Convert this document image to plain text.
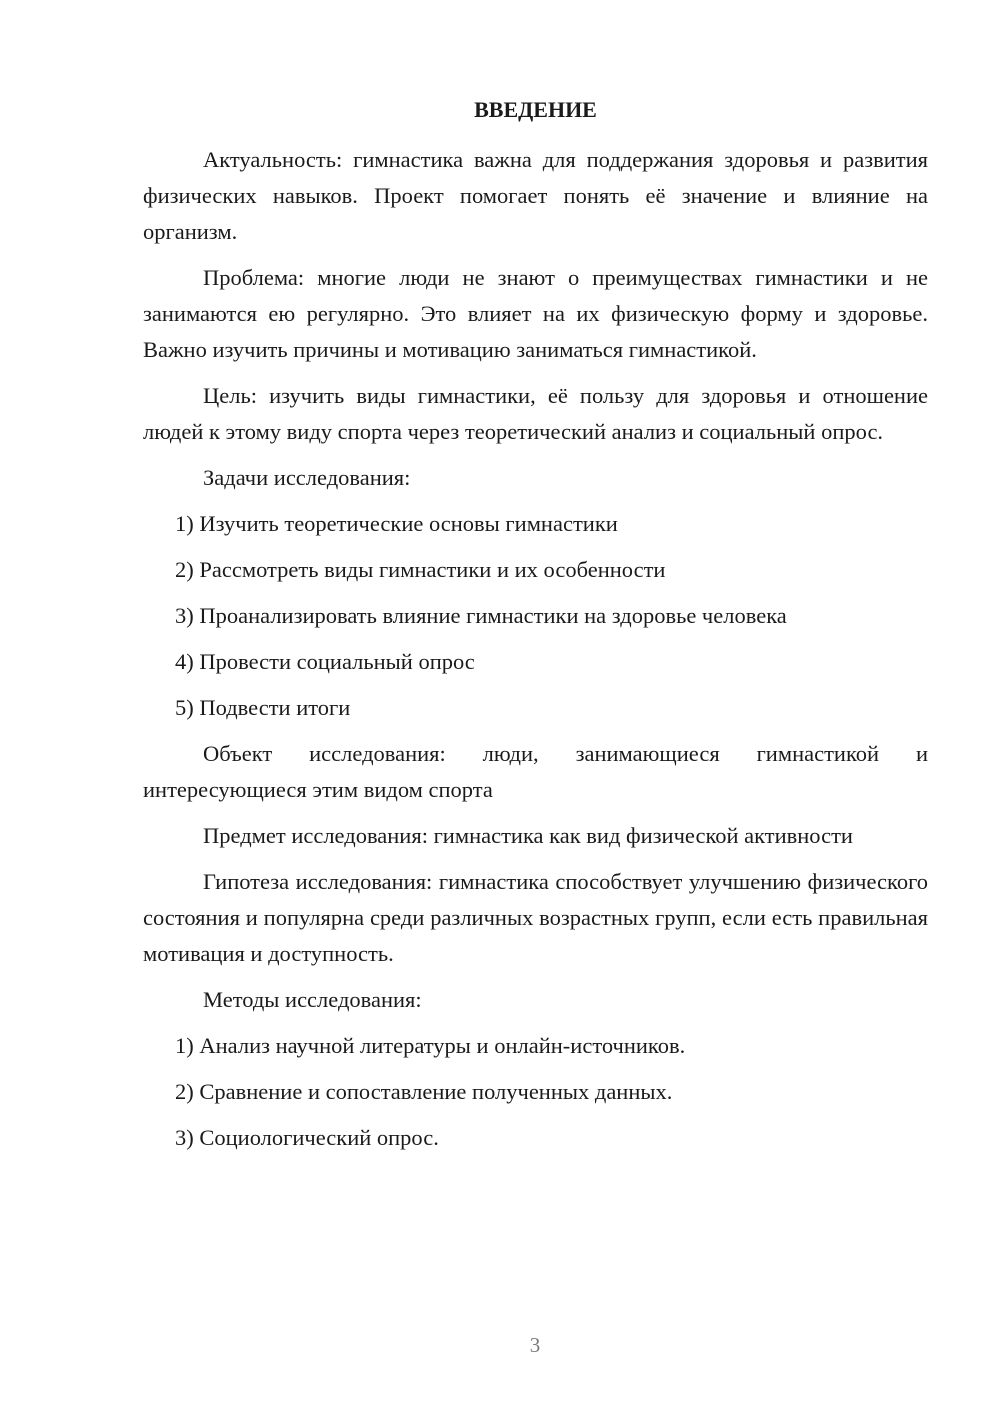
ВВЕДЕНИЕ

Актуальность: гимнастика важна для поддержания здоровья и развития физических навыков. Проект помогает понять её значение и влияние на организм.

Проблема: многие люди не знают о преимуществах гимнастики и не занимаются ею регулярно. Это влияет на их физическую форму и здоровье. Важно изучить причины и мотивацию заниматься гимнастикой.

Цель: изучить виды гимнастики, её пользу для здоровья и отношение людей к этому виду спорта через теоретический анализ и социальный опрос.

Задачи исследования:

1) Изучить теоретические основы гимнастики
2) Рассмотреть виды гимнастики и их особенности
3) Проанализировать влияние гимнастики на здоровье человека
4) Провести социальный опрос
5) Подвести итоги

Объект исследования: люди, занимающиеся гимнастикой и интересующиеся этим видом спорта

Предмет исследования: гимнастика как вид физической активности

Гипотеза исследования: гимнастика способствует улучшению физического состояния и популярна среди различных возрастных групп, если есть правильная мотивация и доступность.

Методы исследования:

1) Анализ научной литературы и онлайн-источников.
2) Сравнение и сопоставление полученных данных.
3) Социологический опрос.
3
